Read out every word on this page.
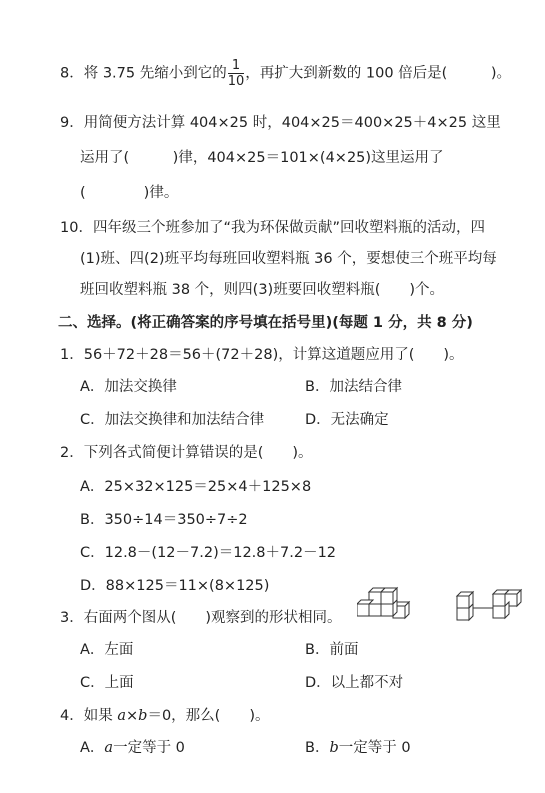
8．将 3.75 先缩小到它的 $\frac{1}{10}$ ，再扩大到新数的 100 倍后是(　　　)。
9．用简便方法计算 404×25 时，404×25＝400×25＋4×25 这里
运用了(　　　)律，404×25＝101×(4×25)这里运用了
(　　　　)律。
10．四年级三个班参加了“我为环保做贡献”回收塑料瓶的活动，四
(1)班、四(2)班平均每班回收塑料瓶 36 个，要想使三个班平均每
班回收塑料瓶 38 个，则四(3)班要回收塑料瓶(　　)个。
二、选择。(将正确答案的序号填在括号里)(每题 1 分，共 8 分)
1．56＋72＋28＝56＋(72＋28)，计算这道题应用了(　　)。
A．加法交换律	B．加法结合律
C．加法交换律和加法结合律	D．无法确定
2．下列各式简便计算错误的是(　　)。
A．25×32×125＝25×4＋125×8
B．350÷14＝350÷7÷2
C．12.8－(12－7.2)＝12.8＋7.2－12
D．88×125＝11×(8×125)
3．右面两个图从(　　)观察到的形状相同。
A．左面	B．前面
C．上面	D．以上都不对
4．如果 a×b＝0，那么(　　)。
A．a一定等于 0	B．b一定等于 0
